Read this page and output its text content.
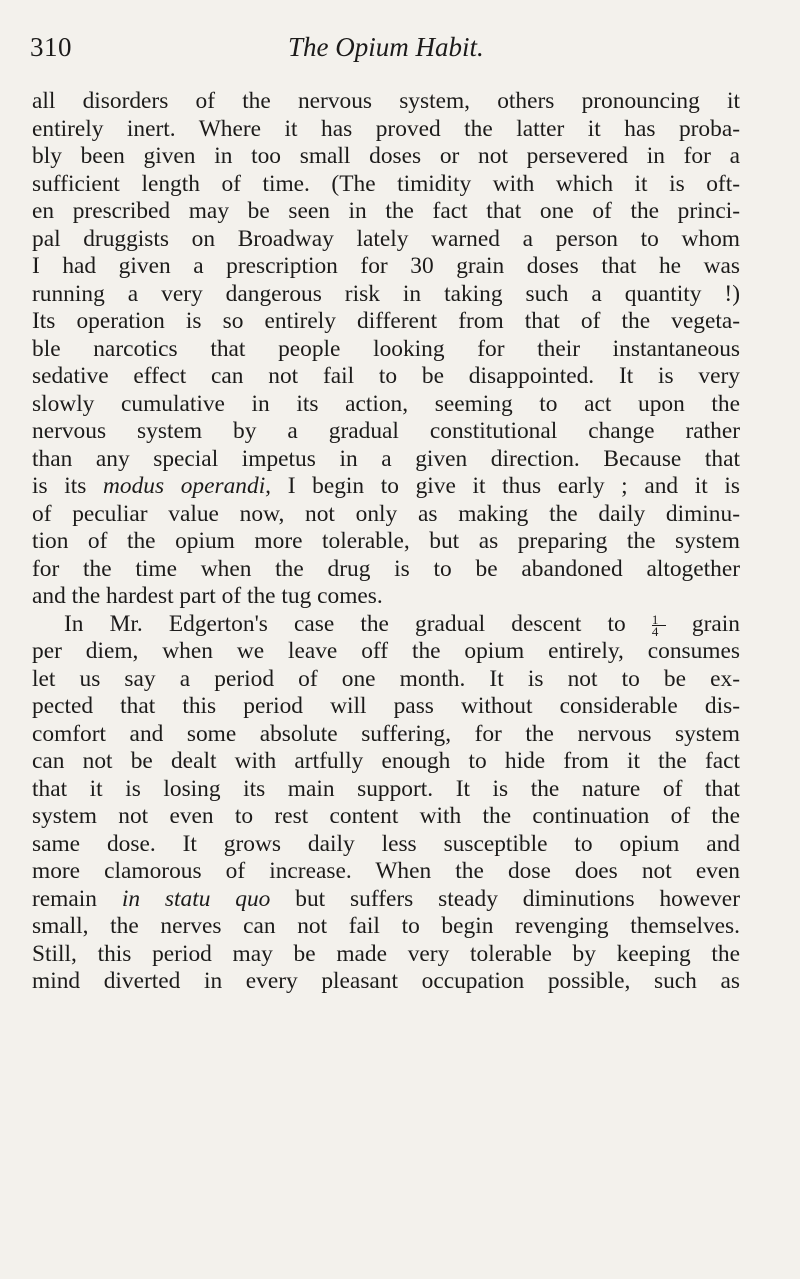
310	The Opium Habit.
all disorders of the nervous system, others pronouncing it
entirely inert. Where it has proved the latter it has proba-
bly been given in too small doses or not persevered in for a
sufficient length of time. (The timidity with which it is oft-
en prescribed may be seen in the fact that one of the princi-
pal druggists on Broadway lately warned a person to whom
I had given a prescription for 30 grain doses that he was
running a very dangerous risk in taking such a quantity !)
Its operation is so entirely different from that of the vegeta-
ble narcotics that people looking for their instantaneous
sedative effect can not fail to be disappointed. It is very
slowly cumulative in its action, seeming to act upon the
nervous system by a gradual constitutional change rather
than any special impetus in a given direction. Because that
is its modus operandi, I begin to give it thus early ; and it is
of peculiar value now, not only as making the daily diminu-
tion of the opium more tolerable, but as preparing the system
for the time when the drug is to be abandoned altogether
and the hardest part of the tug comes.
In Mr. Edgerton's case the gradual descent to $\frac{1}{4}$ grain
per diem, when we leave off the opium entirely, consumes
let us say a period of one month. It is not to be ex-
pected that this period will pass without considerable dis-
comfort and some absolute suffering, for the nervous system
can not be dealt with artfully enough to hide from it the fact
that it is losing its main support. It is the nature of that
system not even to rest content with the continuation of the
same dose. It grows daily less susceptible to opium and
more clamorous of increase. When the dose does not even
remain in statu quo but suffers steady diminutions however
small, the nerves can not fail to begin revenging themselves.
Still, this period may be made very tolerable by keeping the
mind diverted in every pleasant occupation possible, such as
